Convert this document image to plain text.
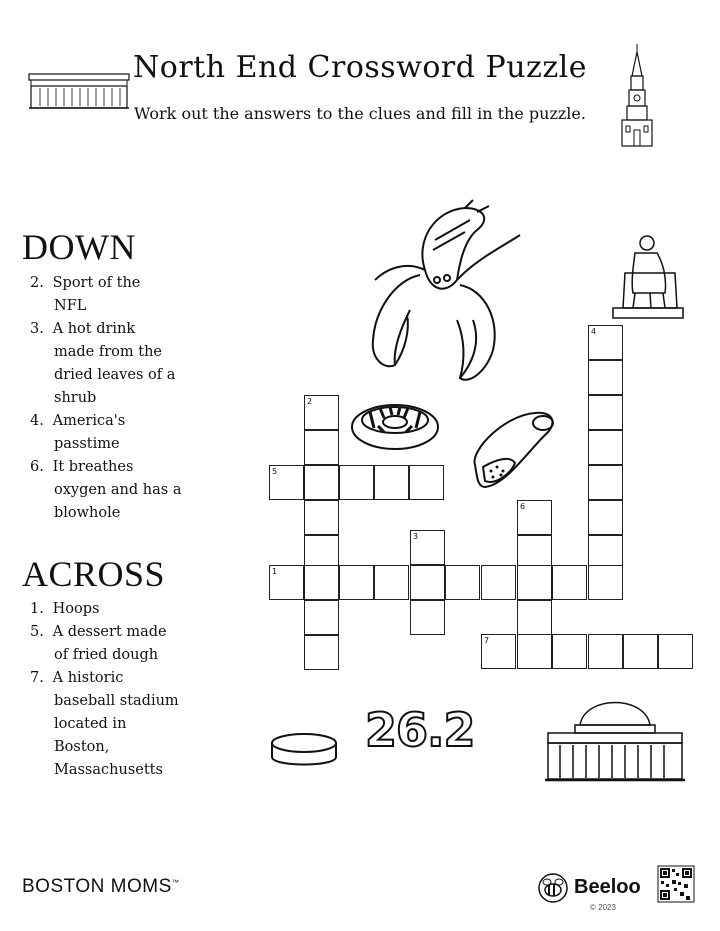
North End Crossword Puzzle
Work out the answers to the clues and fill in the puzzle.
DOWN
2. Sport of the
NFL
3. A hot drink
made from the
dried leaves of a
shrub
4. America's
passtime
6. It breathes
oxygen and has a
blowhole
ACROSS
1. Hoops
5. A dessert made
of fried dough
7. A historic
baseball stadium
located in
Boston,
Massachusetts
4
2
5
6
3
1
7
26.2
BOSTON MOMS™	Beeloo
© 2023
